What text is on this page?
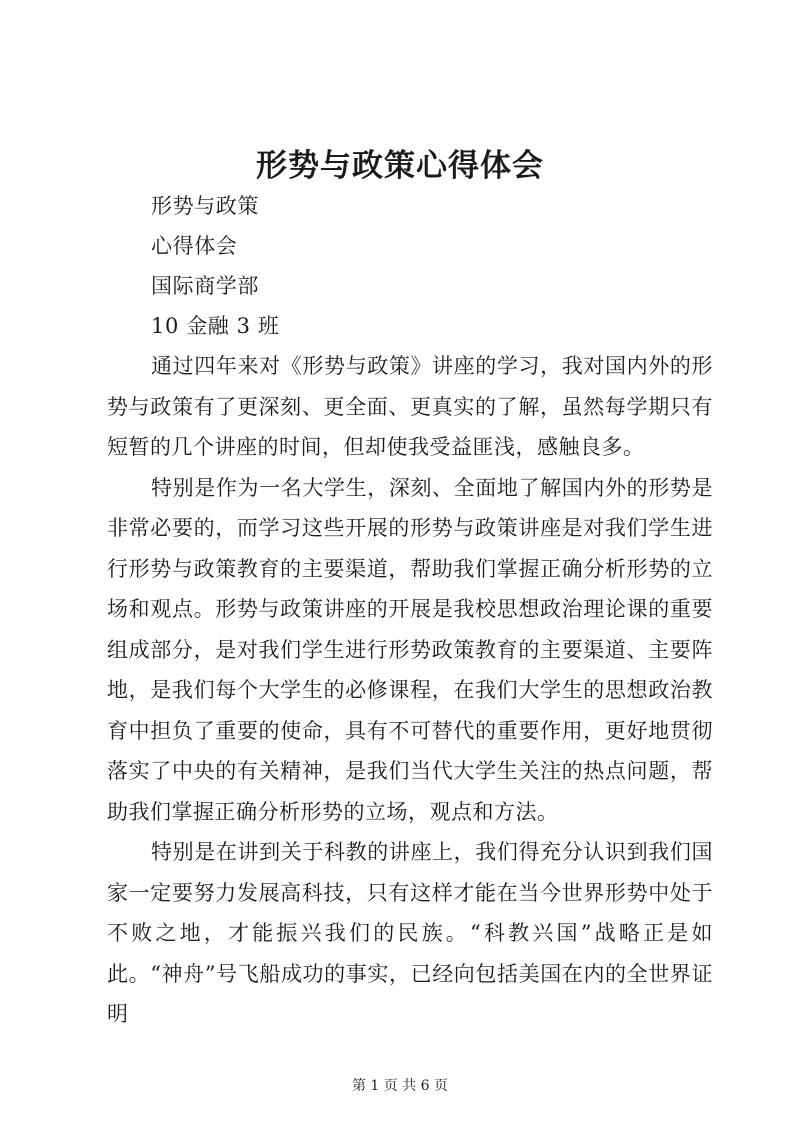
形势与政策心得体会
形势与政策
心得体会
国际商学部
10 金融 3 班

通过四年来对《形势与政策》讲座的学习，我对国内外的形势与政策有了更深刻、更全面、更真实的了解，虽然每学期只有短暂的几个讲座的时间，但却使我受益匪浅，感触良多。

特别是作为一名大学生，深刻、全面地了解国内外的形势是非常必要的，而学习这些开展的形势与政策讲座是对我们学生进行形势与政策教育的主要渠道，帮助我们掌握正确分析形势的立场和观点。形势与政策讲座的开展是我校思想政治理论课的重要组成部分，是对我们学生进行形势政策教育的主要渠道、主要阵地，是我们每个大学生的必修课程，在我们大学生的思想政治教育中担负了重要的使命，具有不可替代的重要作用，更好地贯彻落实了中央的有关精神，是我们当代大学生关注的热点问题，帮助我们掌握正确分析形势的立场，观点和方法。

特别是在讲到关于科教的讲座上，我们得充分认识到我们国家一定要努力发展高科技，只有这样才能在当今世界形势中处于不败之地，才能振兴我们的民族。“科教兴国”战略正是如此。“神舟”号飞船成功的事实，已经向包括美国在内的全世界证明

第 1 页 共 6 页
